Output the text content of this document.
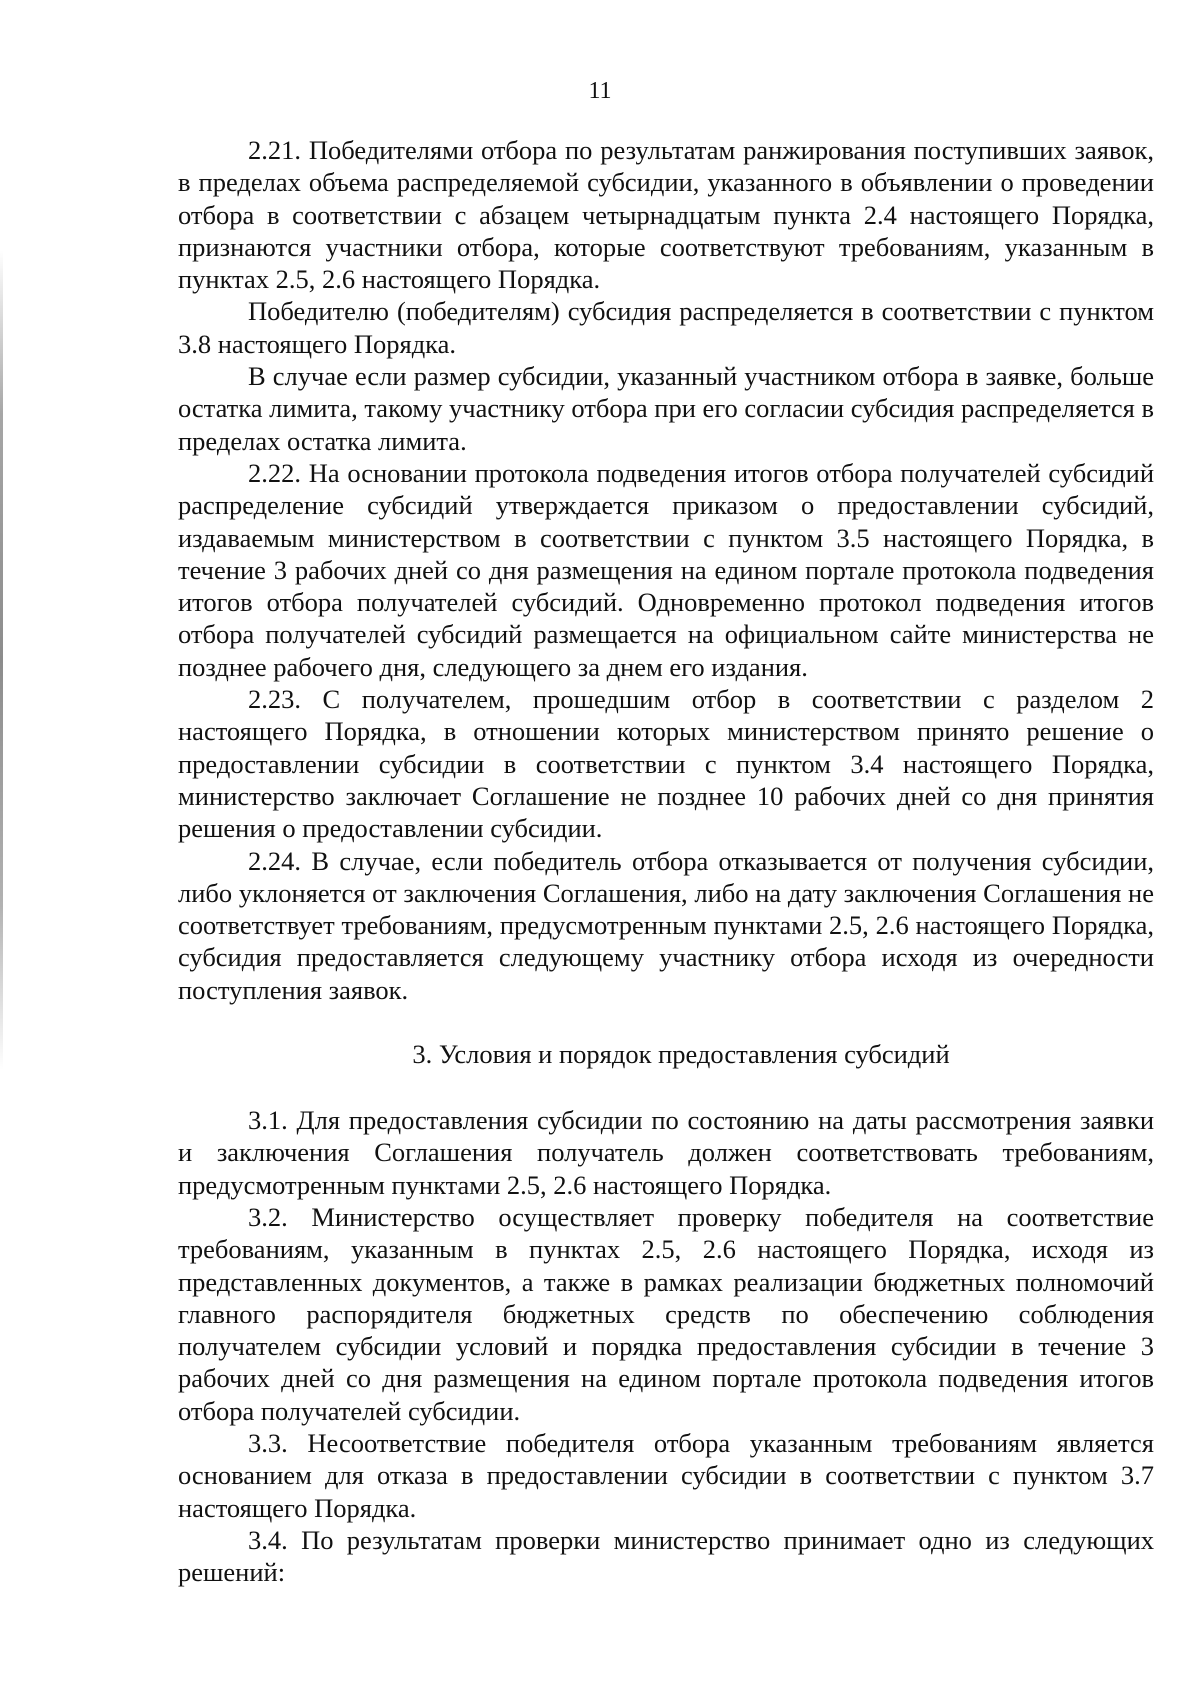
11

2.21. Победителями отбора по результатам ранжирования поступивших заявок, в пределах объема распределяемой субсидии, указанного в объявлении о проведении отбора в соответствии с абзацем четырнадцатым пункта 2.4 настоящего Порядка, признаются участники отбора, которые соответствуют требованиям, указанным в пунктах 2.5, 2.6 настоящего Порядка.

Победителю (победителям) субсидия распределяется в соответствии с пунктом 3.8 настоящего Порядка.

В случае если размер субсидии, указанный участником отбора в заявке, больше остатка лимита, такому участнику отбора при его согласии субсидия распределяется в пределах остатка лимита.

2.22. На основании протокола подведения итогов отбора получателей субсидий распределение субсидий утверждается приказом о предоставлении субсидий, издаваемым министерством в соответствии с пунктом 3.5 настоящего Порядка, в течение 3 рабочих дней со дня размещения на едином портале протокола подведения итогов отбора получателей субсидий. Одновременно протокол подведения итогов отбора получателей субсидий размещается на официальном сайте министерства не позднее рабочего дня, следующего за днем его издания.

2.23. С получателем, прошедшим отбор в соответствии с разделом 2 настоящего Порядка, в отношении которых министерством принято решение о предоставлении субсидии в соответствии с пунктом 3.4 настоящего Порядка, министерство заключает Соглашение не позднее 10 рабочих дней со дня принятия решения о предоставлении субсидии.

2.24. В случае, если победитель отбора отказывается от получения субсидии, либо уклоняется от заключения Соглашения, либо на дату заключения Соглашения не соответствует требованиям, предусмотренным пунктами 2.5, 2.6 настоящего Порядка, субсидия предоставляется следующему участнику отбора исходя из очередности поступления заявок.

3. Условия и порядок предоставления субсидий

3.1. Для предоставления субсидии по состоянию на даты рассмотрения заявки и заключения Соглашения получатель должен соответствовать требованиям, предусмотренным пунктами 2.5, 2.6 настоящего Порядка.

3.2. Министерство осуществляет проверку победителя на соответствие требованиям, указанным в пунктах 2.5, 2.6 настоящего Порядка, исходя из представленных документов, а также в рамках реализации бюджетных полномочий главного распорядителя бюджетных средств по обеспечению соблюдения получателем субсидии условий и порядка предоставления субсидии в течение 3 рабочих дней со дня размещения на едином портале протокола подведения итогов отбора получателей субсидии.

3.3. Несоответствие победителя отбора указанным требованиям является основанием для отказа в предоставлении субсидии в соответствии с пунктом 3.7 настоящего Порядка.

3.4. По результатам проверки министерство принимает одно из следующих решений:
